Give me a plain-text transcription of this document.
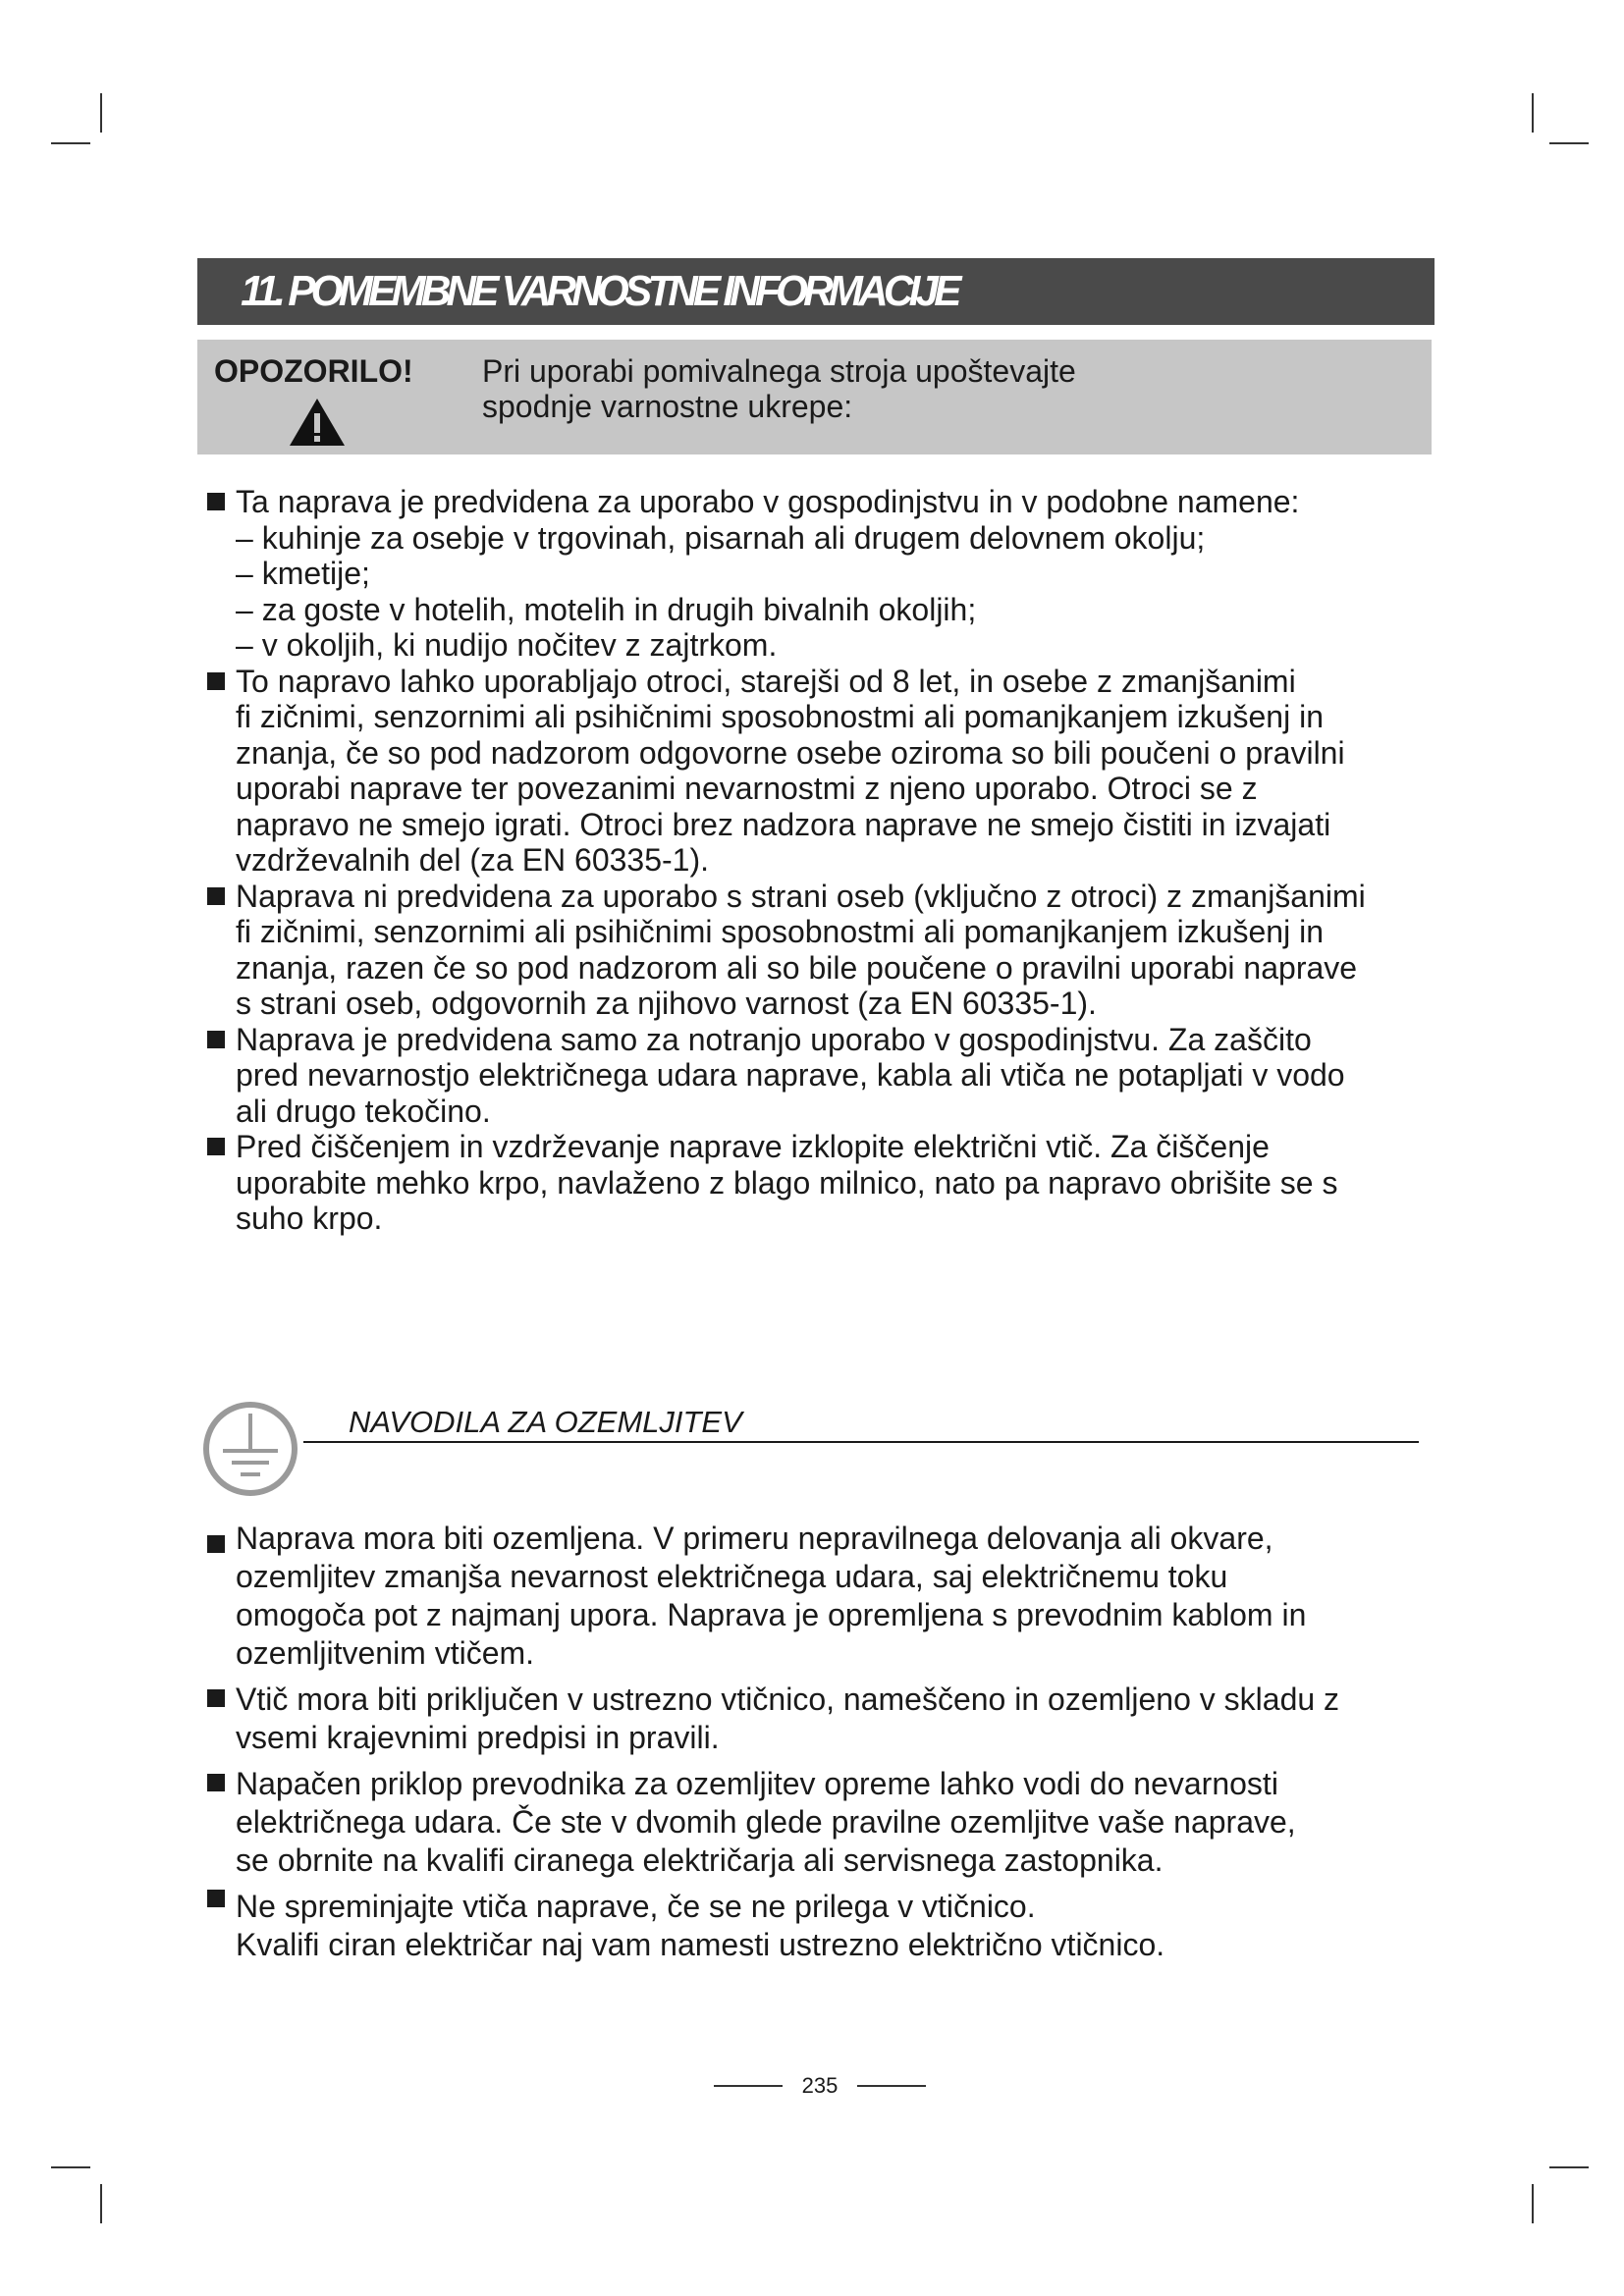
11. POMEMBNE VARNOSTNE INFORMACIJE
OPOZORILO! Pri uporabi pomivalnega stroja upoštevajte
spodnje varnostne ukrepe:
Ta naprava je predvidena za uporabo v gospodinjstvu in v podobne namene:
– kuhinje za osebje v trgovinah, pisarnah ali drugem delovnem okolju;
– kmetije;
– za goste v hotelih, motelih in drugih bivalnih okoljih;
– v okoljih, ki nudijo nočitev z zajtrkom.
To napravo lahko uporabljajo otroci, starejši od 8 let, in osebe z zmanjšanimi
fi zičnimi, senzornimi ali psihičnimi sposobnostmi ali pomanjkanjem izkušenj in
znanja, če so pod nadzorom odgovorne osebe oziroma so bili poučeni o pravilni
uporabi naprave ter povezanimi nevarnostmi z njeno uporabo. Otroci se z
napravo ne smejo igrati. Otroci brez nadzora naprave ne smejo čistiti in izvajati
vzdrževalnih del (za EN 60335-1).
Naprava ni predvidena za uporabo s strani oseb (vključno z otroci) z zmanjšanimi
fi zičnimi, senzornimi ali psihičnimi sposobnostmi ali pomanjkanjem izkušenj in
znanja, razen če so pod nadzorom ali so bile poučene o pravilni uporabi naprave
s strani oseb, odgovornih za njihovo varnost (za EN 60335-1).
Naprava je predvidena samo za notranjo uporabo v gospodinjstvu. Za zaščito
pred nevarnostjo električnega udara naprave, kabla ali vtiča ne potapljati v vodo
ali drugo tekočino.
Pred čiščenjem in vzdrževanje naprave izklopite električni vtič. Za čiščenje
uporabite mehko krpo, navlaženo z blago milnico, nato pa napravo obrišite se s
suho krpo.
NAVODILA ZA OZEMLJITEV
Naprava mora biti ozemljena. V primeru nepravilnega delovanja ali okvare,
ozemljitev zmanjša nevarnost električnega udara, saj električnemu toku
omogoča pot z najmanj upora. Naprava je opremljena s prevodnim kablom in
ozemljitvenim vtičem.
Vtič mora biti priključen v ustrezno vtičnico, nameščeno in ozemljeno v skladu z
vsemi krajevnimi predpisi in pravili.
Napačen priklop prevodnika za ozemljitev opreme lahko vodi do nevarnosti
električnega udara. Če ste v dvomih glede pravilne ozemljitve vaše naprave,
se obrnite na kvalifi ciranega električarja ali servisnega zastopnika.
Ne spreminjajte vtiča naprave, če se ne prilega v vtičnico.
Kvalifi ciran električar naj vam namesti ustrezno električno vtičnico.
235
